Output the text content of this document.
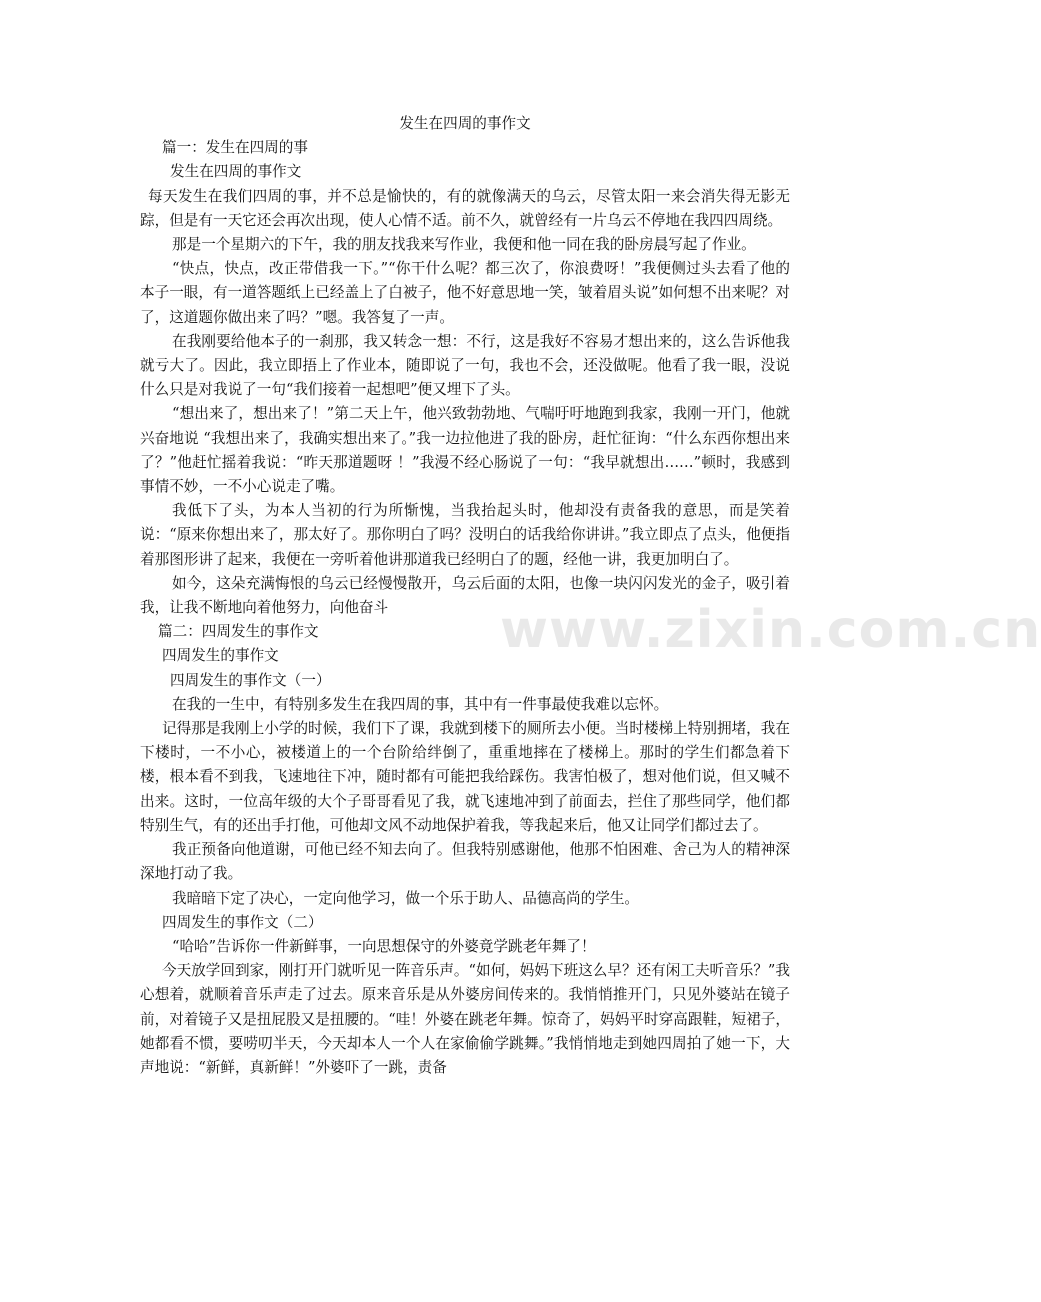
www.zixin.com.cn
发生在四周的事作文

篇一：发生在四周的事

发生在四周的事作文

每天发生在我们四周的事，并不总是愉快的，有的就像满天的乌云，尽管太阳一来会消失得无影无踪，但是有一天它还会再次出现，使人心情不适。前不久，就曾经有一片乌云不停地在我四四周绕。

那是一个星期六的下午，我的朋友找我来写作业，我便和他一同在我的卧房晨写起了作业。

“快点，快点，改正带借我一下。”“你干什么呢？都三次了，你浪费呀！”我便侧过头去看了他的本子一眼，有一道答题纸上已经盖上了白被子，他不好意思地一笑，皱着眉头说”如何想不出来呢？对了，这道题你做出来了吗？”嗯。我答复了一声。

在我刚要给他本子的一刹那，我又转念一想：不行，这是我好不容易才想出来的，这么告诉他我就亏大了。因此，我立即捂上了作业本，随即说了一句，我也不会，还没做呢。他看了我一眼，没说什么只是对我说了一句“我们接着一起想吧”便又埋下了头。

“想出来了，想出来了！”第二天上午，他兴致勃勃地、气喘吁吁地跑到我家，我刚一开门，他就兴奋地说 “我想出来了，我确实想出来了。”我一边拉他进了我的卧房，赶忙征询：“什么东西你想出来了？”他赶忙摇着我说：“昨天那道题呀 ！”我漫不经心肠说了一句：“我早就想出……”顿时，我感到事情不妙，一不小心说走了嘴。

我低下了头，为本人当初的行为所惭愧，当我抬起头时，他却没有责备我的意思，而是笑着说：“原来你想出来了，那太好了。那你明白了吗？没明白的话我给你讲讲。”我立即点了点头，他便指着那图形讲了起来，我便在一旁听着他讲那道我已经明白了的题，经他一讲，我更加明白了。

如今，这朵充满悔恨的乌云已经慢慢散开，乌云后面的太阳，也像一块闪闪发光的金子，吸引着我，让我不断地向着他努力，向他奋斗

篇二：四周发生的事作文

四周发生的事作文

四周发生的事作文（一）

在我的一生中，有特别多发生在我四周的事，其中有一件事最使我难以忘怀。

记得那是我刚上小学的时候，我们下了课，我就到楼下的厕所去小便。当时楼梯上特别拥堵，我在下楼时，一不小心，被楼道上的一个台阶给绊倒了，重重地摔在了楼梯上。那时的学生们都急着下楼，根本看不到我，飞速地往下冲，随时都有可能把我给踩伤。我害怕极了，想对他们说，但又喊不出来。这时，一位高年级的大个子哥哥看见了我，就飞速地冲到了前面去，拦住了那些同学，他们都特别生气，有的还出手打他，可他却文风不动地保护着我，等我起来后，他又让同学们都过去了。

我正预备向他道谢，可他已经不知去向了。但我特别感谢他，他那不怕困难、舍己为人的精神深深地打动了我。

我暗暗下定了决心，一定向他学习，做一个乐于助人、品德高尚的学生。

四周发生的事作文（二）

“哈哈”告诉你一件新鲜事，一向思想保守的外婆竟学跳老年舞了！

今天放学回到家，刚打开门就听见一阵音乐声。“如何，妈妈下班这么早？还有闲工夫听音乐？”我心想着，就顺着音乐声走了过去。原来音乐是从外婆房间传来的。我悄悄推开门，只见外婆站在镜子前，对着镜子又是扭屁股又是扭腰的。“哇！外婆在跳老年舞。惊奇了，妈妈平时穿高跟鞋，短裙子，她都看不惯，要唠叨半天，今天却本人一个人在家偷偷学跳舞。”我悄悄地走到她四周拍了她一下，大声地说：“新鲜，真新鲜！”外婆吓了一跳，责备
